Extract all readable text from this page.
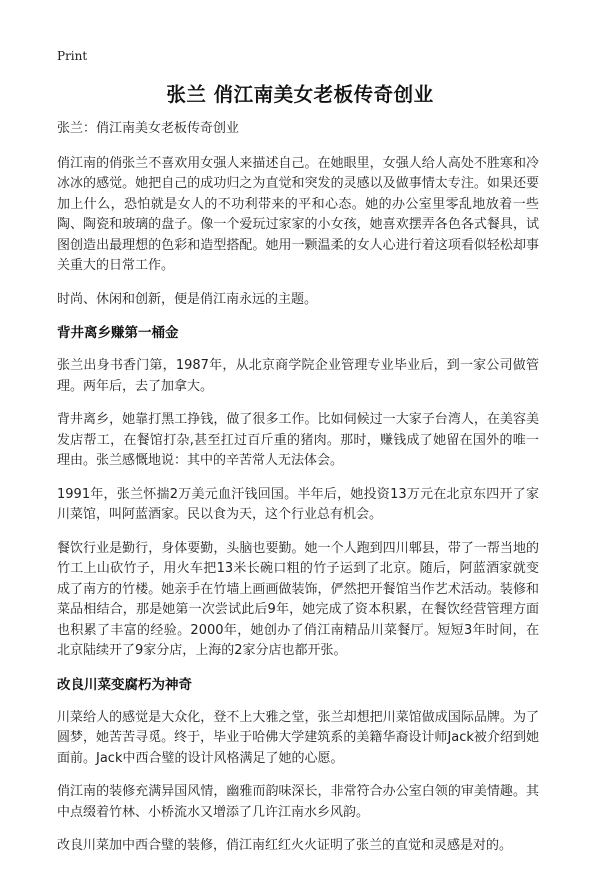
Print
张兰 俏江南美女老板传奇创业

张兰：俏江南美女老板传奇创业

俏江南的俏张兰不喜欢用女强人来描述自己。在她眼里，女强人给人高处不胜寒和冷冰冰的感觉。她把自己的成功归之为直觉和突发的灵感以及做事情太专注。如果还要加上什么，恐怕就是女人的不功利带来的平和心态。她的办公室里零乱地放着一些陶、陶瓷和玻璃的盘子。像一个爱玩过家家的小女孩，她喜欢摆弄各色各式餐具，试图创造出最理想的色彩和造型搭配。她用一颗温柔的女人心进行着这项看似轻松却事关重大的日常工作。

时尚、休闲和创新，便是俏江南永远的主题。

背井离乡赚第一桶金

张兰出身书香门第，1987年，从北京商学院企业管理专业毕业后，到一家公司做管理。两年后，去了加拿大。

背井离乡，她靠打黑工挣钱，做了很多工作。比如伺候过一大家子台湾人，在美容美发店帮工，在餐馆打杂,甚至扛过百斤重的猪肉。那时，赚钱成了她留在国外的唯一理由。张兰感慨地说：其中的辛苦常人无法体会。

1991年，张兰怀揣2万美元血汗钱回国。半年后，她投资13万元在北京东四开了家川菜馆，叫阿蓝酒家。民以食为天，这个行业总有机会。

餐饮行业是勤行，身体要勤，头脑也要勤。她一个人跑到四川郫县，带了一帮当地的竹工上山砍竹子，用火车把13米长碗口粗的竹子运到了北京。随后，阿蓝酒家就变成了南方的竹楼。她亲手在竹墙上画画做装饰，俨然把开餐馆当作艺术活动。装修和菜品相结合，那是她第一次尝试此后9年，她完成了资本积累，在餐饮经营管理方面也积累了丰富的经验。2000年，她创办了俏江南精品川菜餐厅。短短3年时间，在北京陆续开了9家分店，上海的2家分店也都开张。

改良川菜变腐朽为神奇

川菜给人的感觉是大众化，登不上大雅之堂，张兰却想把川菜馆做成国际品牌。为了圆梦，她苦苦寻觅。终于，毕业于哈佛大学建筑系的美籍华裔设计师Jack被介绍到她面前。Jack中西合璧的设计风格满足了她的心愿。

俏江南的装修充满异国风情，幽雅而韵味深长，非常符合办公室白领的审美情趣。其中点缀着竹林、小桥流水又增添了几许江南水乡风韵。

改良川菜加中西合璧的装修，俏江南红红火火证明了张兰的直觉和灵感是对的。
